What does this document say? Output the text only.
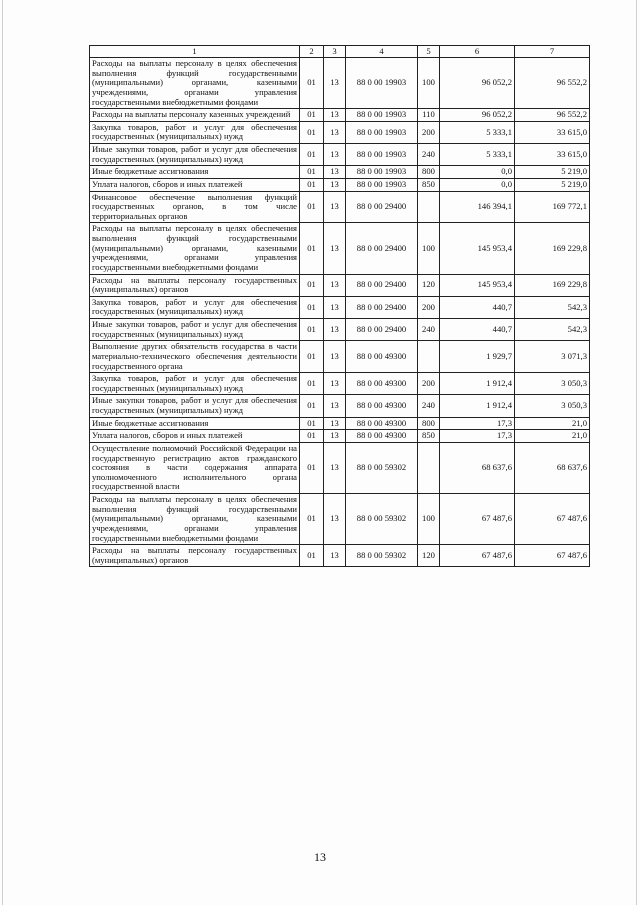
1	2	3	4	5	6	7
Расходы на выплаты персоналу в целях обеспечения выполнения функций государственными (муниципальными) органами, казенными учреждениями, органами управления государственными внебюджетными фондами	01	13	88 0 00 19903	100	96 052,2	96 552,2
Расходы на выплаты персоналу казенных учреждений	01	13	88 0 00 19903	110	96 052,2	96 552,2
Закупка товаров, работ и услуг для обеспечения государственных (муниципальных) нужд	01	13	88 0 00 19903	200	5 333,1	33 615,0
Иные закупки товаров, работ и услуг для обеспечения государственных (муниципальных) нужд	01	13	88 0 00 19903	240	5 333,1	33 615,0
Иные бюджетные ассигнования	01	13	88 0 00 19903	800	0,0	5 219,0
Уплата налогов, сборов и иных платежей	01	13	88 0 00 19903	850	0,0	5 219,0
Финансовое обеспечение выполнения функций государственных органов, в том числе территориальных органов	01	13	88 0 00 29400		146 394,1	169 772,1
Расходы на выплаты персоналу в целях обеспечения выполнения функций государственными (муниципальными) органами, казенными учреждениями, органами управления государственными внебюджетными фондами	01	13	88 0 00 29400	100	145 953,4	169 229,8
Расходы на выплаты персоналу государственных (муниципальных) органов	01	13	88 0 00 29400	120	145 953,4	169 229,8
Закупка товаров, работ и услуг для обеспечения государственных (муниципальных) нужд	01	13	88 0 00 29400	200	440,7	542,3
Иные закупки товаров, работ и услуг для обеспечения государственных (муниципальных) нужд	01	13	88 0 00 29400	240	440,7	542,3
Выполнение других обязательств государства в части материально-технического обеспечения деятельности государственного органа	01	13	88 0 00 49300		1 929,7	3 071,3
Закупка товаров, работ и услуг для обеспечения государственных (муниципальных) нужд	01	13	88 0 00 49300	200	1 912,4	3 050,3
Иные закупки товаров, работ и услуг для обеспечения государственных (муниципальных) нужд	01	13	88 0 00 49300	240	1 912,4	3 050,3
Иные бюджетные ассигнования	01	13	88 0 00 49300	800	17,3	21,0
Уплата налогов, сборов и иных платежей	01	13	88 0 00 49300	850	17,3	21,0
Осуществление полномочий Российской Федерации на государственную регистрацию актов гражданского состояния в части содержания аппарата уполномоченного исполнительного органа государственной власти	01	13	88 0 00 59302		68 637,6	68 637,6
Расходы на выплаты персоналу в целях обеспечения выполнения функций государственными (муниципальными) органами, казенными учреждениями, органами управления государственными внебюджетными фондами	01	13	88 0 00 59302	100	67 487,6	67 487,6
Расходы на выплаты персоналу государственных (муниципальных) органов	01	13	88 0 00 59302	120	67 487,6	67 487,6
13
